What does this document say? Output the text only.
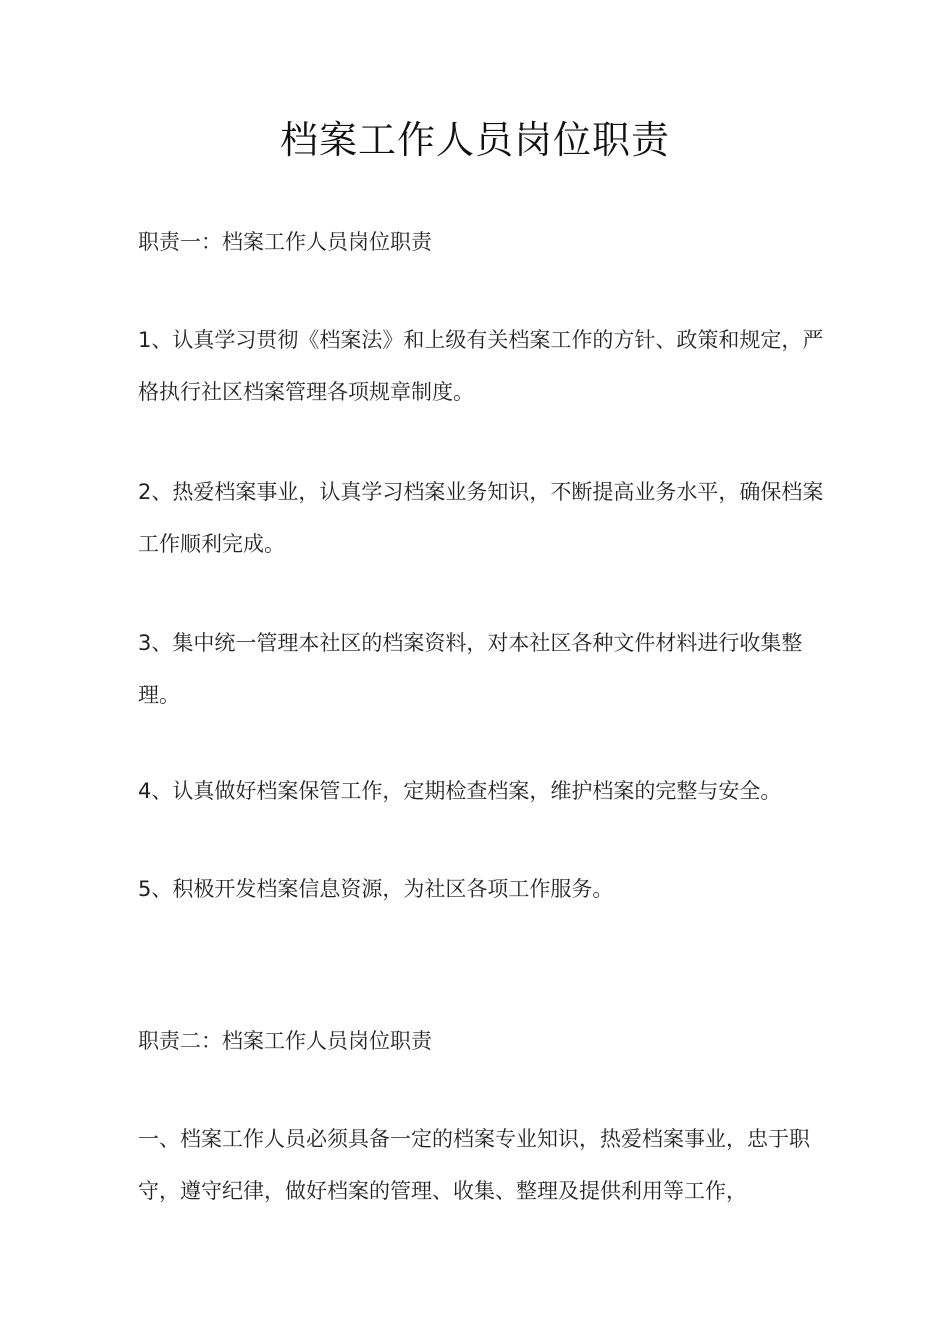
档案工作人员岗位职责

职责一：档案工作人员岗位职责

1、认真学习贯彻《档案法》和上级有关档案工作的方针、政策和规定，严格执行社区档案管理各项规章制度。

2、热爱档案事业，认真学习档案业务知识，不断提高业务水平，确保档案工作顺利完成。

3、集中统一管理本社区的档案资料，对本社区各种文件材料进行收集整理。

4、认真做好档案保管工作，定期检查档案，维护档案的完整与安全。

5、积极开发档案信息资源，为社区各项工作服务。

职责二：档案工作人员岗位职责

一、档案工作人员必须具备一定的档案专业知识，热爱档案事业，忠于职守，遵守纪律，做好档案的管理、收集、整理及提供利用等工作，
